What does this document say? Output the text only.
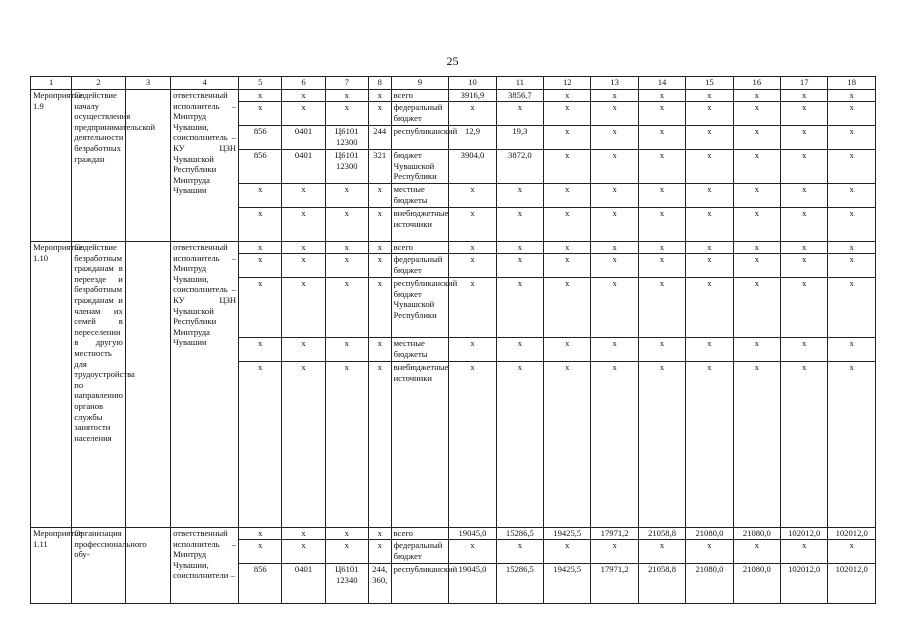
25
1	2	3	4	5	6	7	8	9	10	11	12	13	14	15	16	17	18
Мероприятие 1.9	Содействие началу осуществления предпринимательской деятельности безработных граждан		ответственный исполнитель – Минтруд Чувашии, соисполнитель – КУ ЦЗН Чувашской Республики Минтруда Чувашии	x	x	x	x	всего	3916,9	3856,7	x	x	x	x	x	x	x
				x	x	x	x	федеральный бюджет	x	x	x	x	x	x	x	x	x
				856	0401	Ц6101 12300	244	республиканский	12,9	19,3	x	x	x	x	x	x	x
				856	0401	Ц6101 12300	321	бюджет Чувашской Республики	3904,0	3872,0	x	x	x	x	x	x	x
				x	x	x	x	местные бюджеты	x	x	x	x	x	x	x	x	x
				x	x	x	x	внебюджетные источники	x	x	x	x	x	x	x	x	x
Мероприятие 1.10	Содействие безработным гражданам в переезде и безработным гражданам и членам их семей в переселении в другую местность для трудоустройства по направлению органов службы занятости населения		ответственный исполнитель – Минтруд Чувашии, соисполнитель – КУ ЦЗН Чувашской Республики Минтруда Чувашии	x	x	x	x	всего	x	x	x	x	x	x	x	x	x
				x	x	x	x	федеральный бюджет	x	x	x	x	x	x	x	x	x
				x	x	x	x	республиканский бюджет Чувашской Республики	x	x	x	x	x	x	x	x	x
				x	x	x	x	местные бюджеты	x	x	x	x	x	x	x	x	x
				x	x	x	x	внебюджетные источники	x	x	x	x	x	x	x	x	x
Мероприятие 1.11	Организация профессионального обу-		ответственный исполнитель – Минтруд Чувашии, соисполнители –	x	x	x	x	всего	19045,0	15286,5	19425,5	17971,2	21058,8	21080,0	21080,0	102012,0	102012,0
				x	x	x	x	федеральный бюджет	x	x	x	x	x	x	x	x	x
				856	0401	Ц6101 12340	244, 360,	республиканский	19045,0	15286,5	19425,5	17971,2	21058,8	21080,0	21080,0	102012,0	102012,0
